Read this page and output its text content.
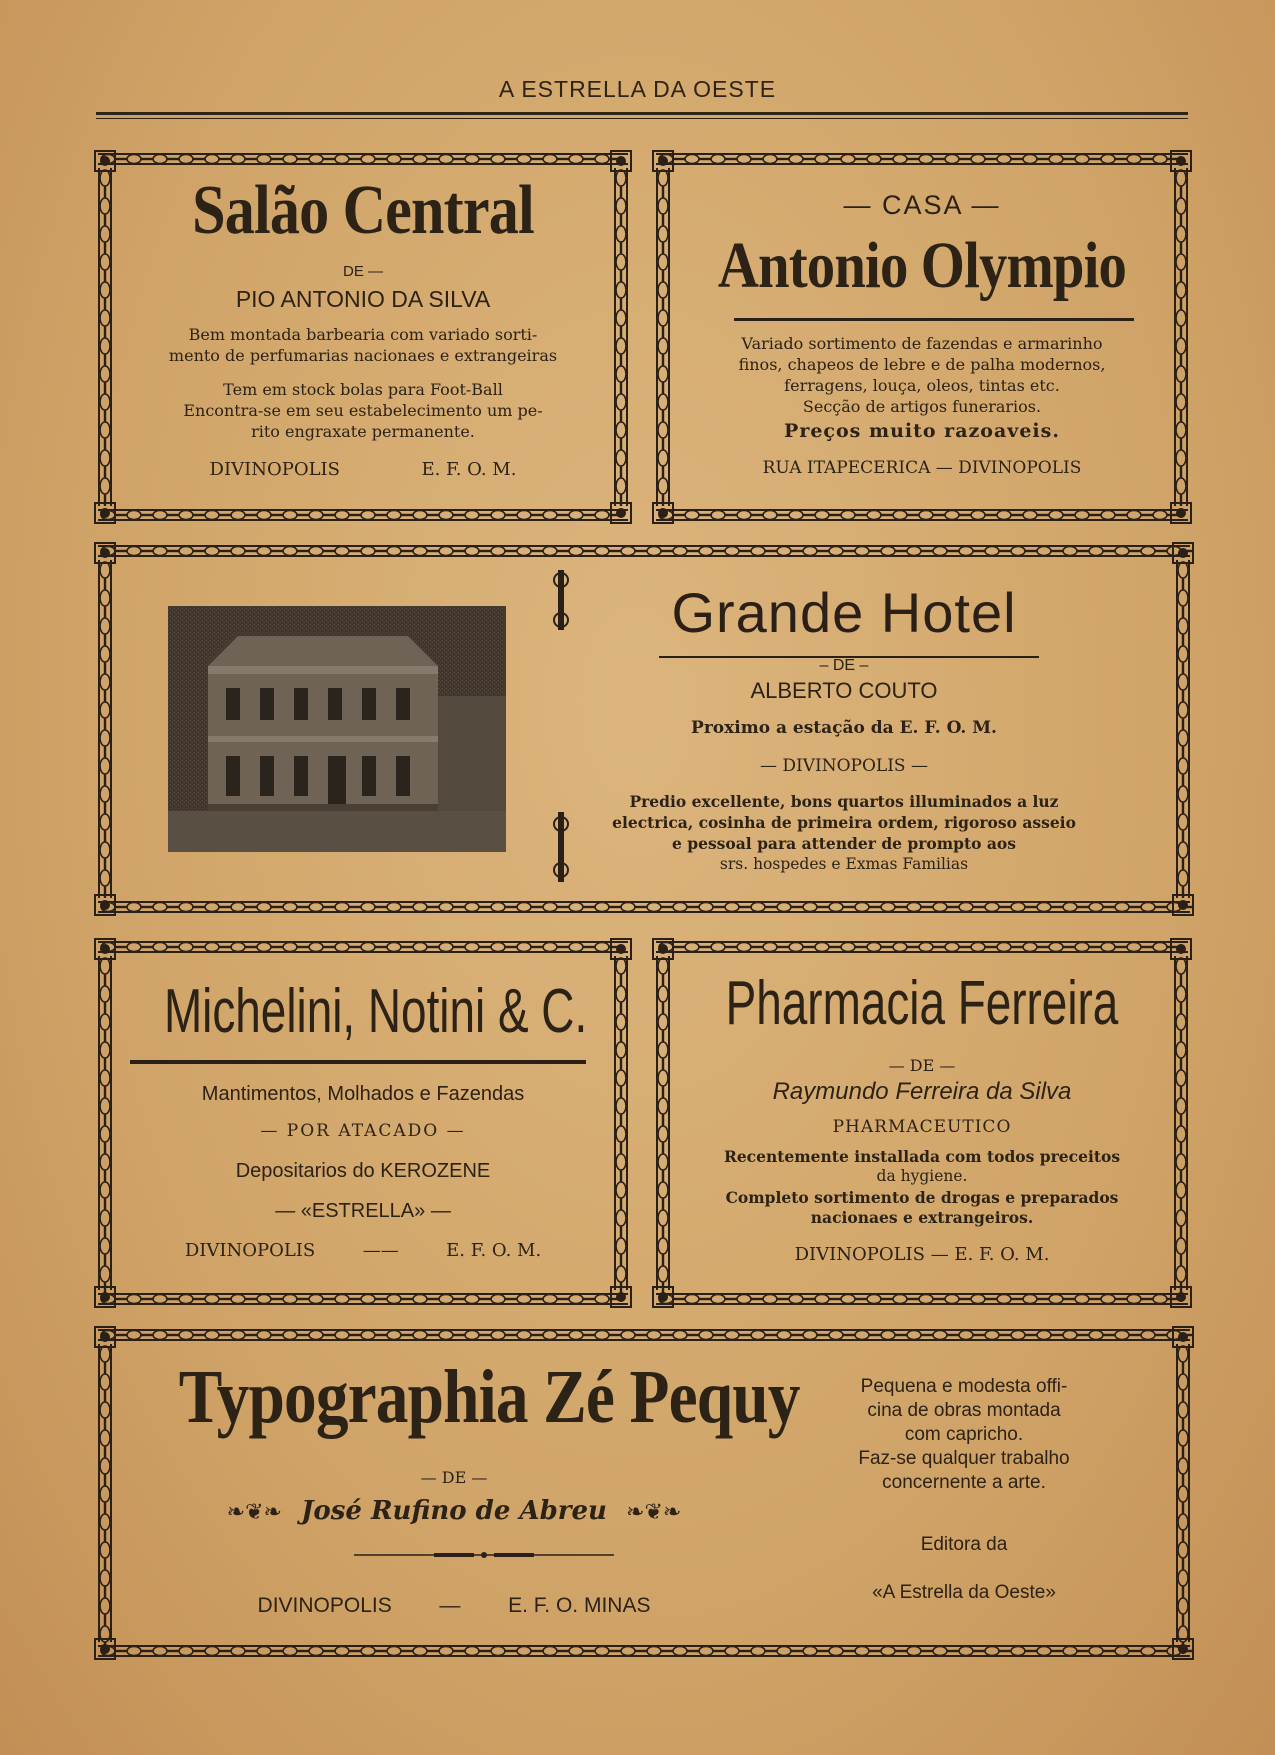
A ESTRELLA DA OESTE
Salão Central
DE —
PIO ANTONIO DA SILVA
Bem montada barbearia com variado sorti-
mento de perfumarias nacionaes e extrangeiras
Tem em stock bolas para Foot-Ball
Encontra-se em seu estabelecimento um pe-
rito engraxate permanente.
DIVINOPOLIS	E. F. O. M.
— CASA —
Antonio Olympio
Variado sortimento de fazendas e armarinho
finos, chapeos de lebre e de palha modernos,
ferragens, louça, oleos, tintas etc.
Secção de artigos funerarios.
Preços muito razoaveis.
RUA ITAPECERICA — DIVINOPOLIS
Grande Hotel
– DE –
ALBERTO COUTO
Proximo a estação da E. F. O. M.
— DIVINOPOLIS —
Predio excellente, bons quartos illuminados a luz
electrica, cosinha de primeira ordem, rigoroso asseio
e pessoal para attender de prompto aos
srs. hospedes e Exmas Familias
Michelini, Notini & C.
Mantimentos, Molhados e Fazendas
— POR ATACADO —
Depositarios do KEROZENE
— «ESTRELLA» —
DIVINOPOLIS	——	E. F. O. M.
Pharmacia Ferreira
— DE —
Raymundo Ferreira da Silva
PHARMACEUTICO
Recentemente installada com todos preceitos
da hygiene.
Completo sortimento de drogas e preparados
nacionaes e extrangeiros.
DIVINOPOLIS — E. F. O. M.
Typographia Zé Pequy
— DE —
❧❦❧ José Rufino de Abreu ❧❦❧
DIVINOPOLIS — E. F. O. MINAS
Pequena e modesta offi-
cina de obras montada
com capricho.
Faz-se qualquer trabalho
concernente a arte.
Editora da
«A Estrella da Oeste»
